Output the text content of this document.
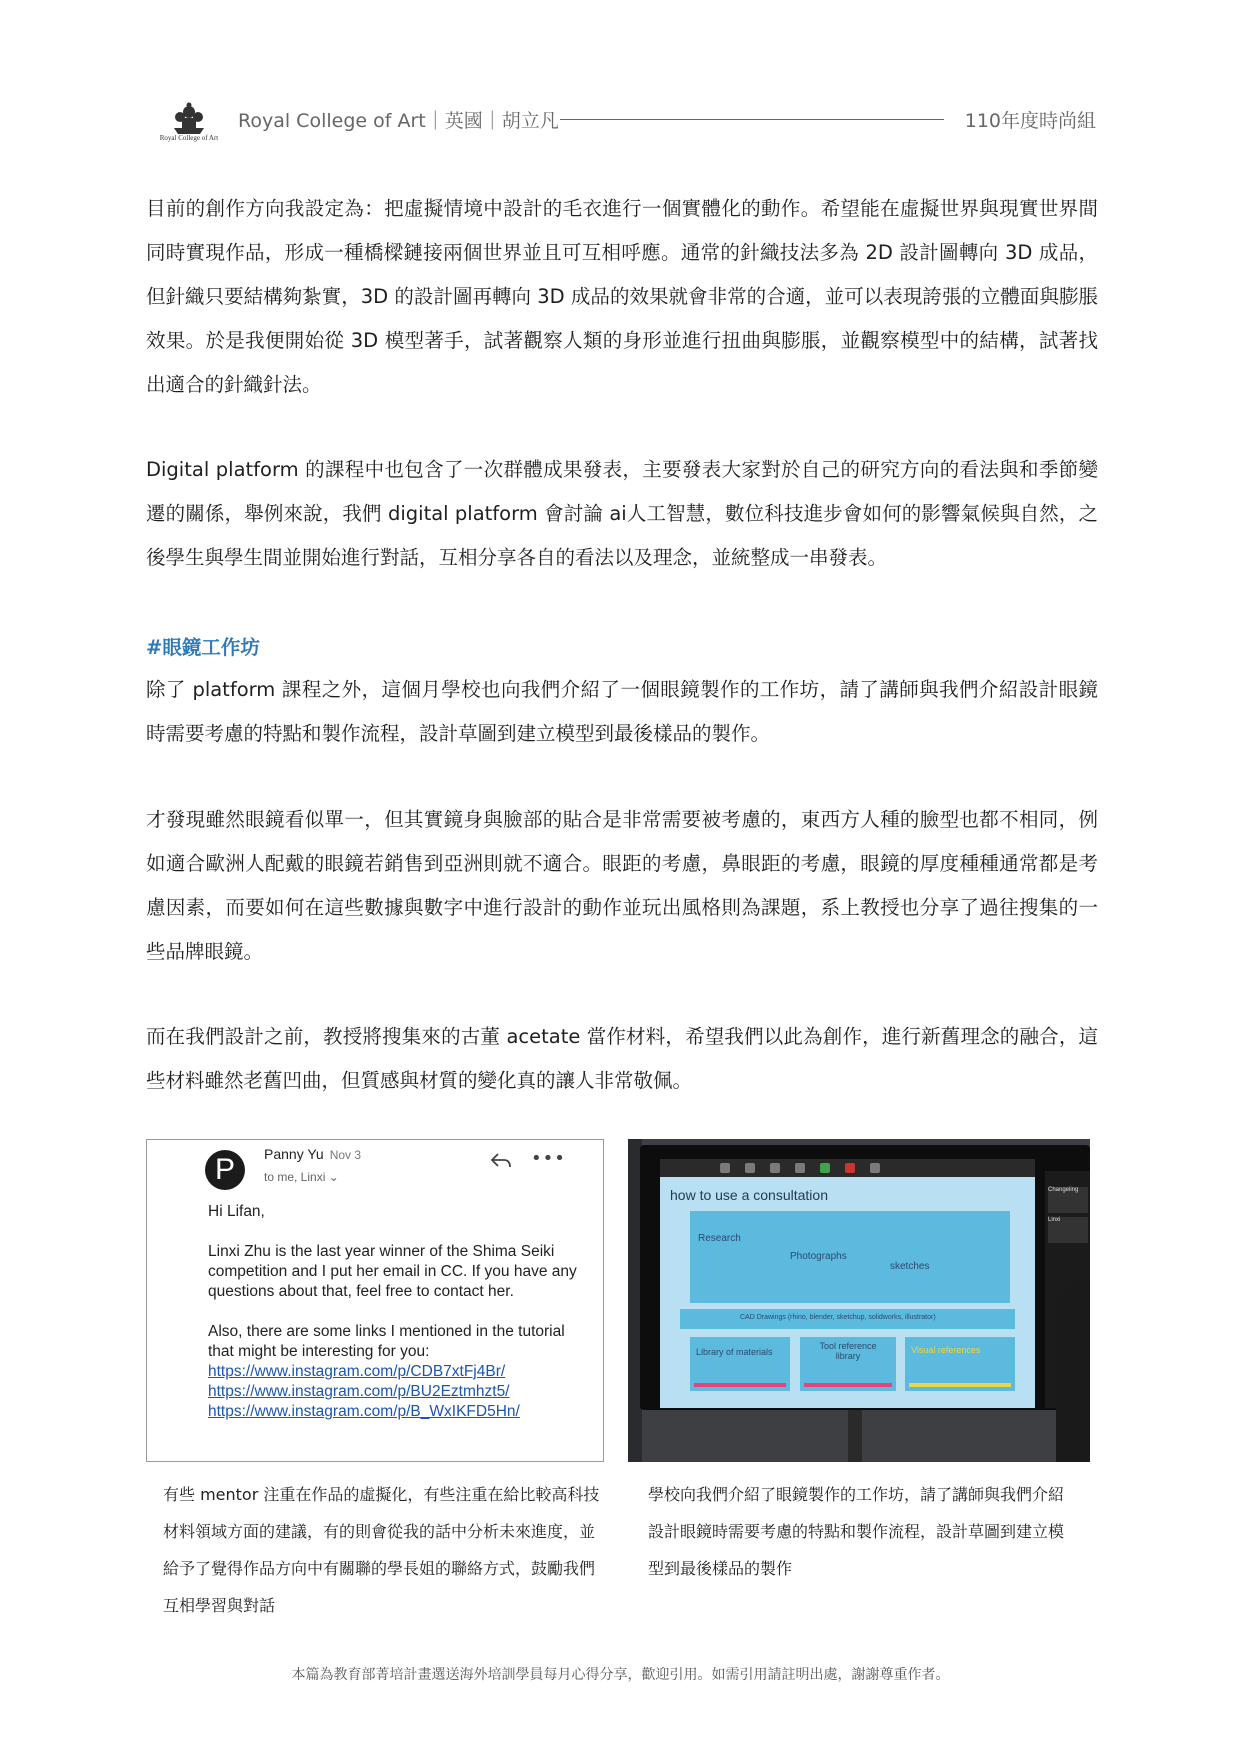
Royal College of Art
Royal College of Art｜英國｜胡立凡	110年度時尚組

目前的創作方向我設定為：把虛擬情境中設計的毛衣進行一個實體化的動作。希望能在虛擬世界與現實世界間同時實現作品，形成一種橋樑鏈接兩個世界並且可互相呼應。通常的針織技法多為 2D 設計圖轉向 3D 成品，但針織只要結構夠紮實，3D 的設計圖再轉向 3D 成品的效果就會非常的合適，並可以表現誇張的立體面與膨脹效果。於是我便開始從 3D 模型著手，試著觀察人類的身形並進行扭曲與膨脹，並觀察模型中的結構，試著找出適合的針織針法。

Digital platform 的課程中也包含了一次群體成果發表，主要發表大家對於自己的研究方向的看法與和季節變遷的關係，舉例來說，我們 digital platform 會討論 ai人工智慧，數位科技進步會如何的影響氣候與自然，之後學生與學生間並開始進行對話，互相分享各自的看法以及理念，並統整成一串發表。

#眼鏡工作坊

除了 platform 課程之外，這個月學校也向我們介紹了一個眼鏡製作的工作坊，請了講師與我們介紹設計眼鏡時需要考慮的特點和製作流程，設計草圖到建立模型到最後樣品的製作。

才發現雖然眼鏡看似單一，但其實鏡身與臉部的貼合是非常需要被考慮的，東西方人種的臉型也都不相同，例如適合歐洲人配戴的眼鏡若銷售到亞洲則就不適合。眼距的考慮，鼻眼距的考慮，眼鏡的厚度種種通常都是考慮因素，而要如何在這些數據與數字中進行設計的動作並玩出風格則為課題，系上教授也分享了過往搜集的一些品牌眼鏡。

而在我們設計之前，教授將搜集來的古董 acetate 當作材料，希望我們以此為創作，進行新舊理念的融合，這些材料雖然老舊凹曲，但質感與材質的變化真的讓人非常敬佩。

P	Panny Yu Nov 3
to me, Linxi ⌄
•••

Hi Lifan,

Linxi Zhu is the last year winner of the Shima Seiki competition and I put her email in CC. If you have any questions about that, feel free to contact her.

Also, there are some links I mentioned in the tutorial that might be interesting for you:

https://www.instagram.com/p/CDB7xtFj4Br/
https://www.instagram.com/p/BU2Eztmhzt5/
https://www.instagram.com/p/B_WxIKFD5Hn/
how to use a consultation
Research
Photographs
sketches
CAD Drawings (rhino, blender, sketchup, solidworks, illustrator)
Library of materials
Tool reference library
Visual references
Changeling
Linxi
有些 mentor 注重在作品的虛擬化，有些注重在給比較高科技材料領域方面的建議，有的則會從我的話中分析未來進度，並給予了覺得作品方向中有關聯的學長姐的聯絡方式，鼓勵我們互相學習與對話
學校向我們介紹了眼鏡製作的工作坊，請了講師與我們介紹設計眼鏡時需要考慮的特點和製作流程，設計草圖到建立模型到最後樣品的製作
本篇為教育部菁培計畫選送海外培訓學員每月心得分享，歡迎引用。如需引用請註明出處，謝謝尊重作者。
